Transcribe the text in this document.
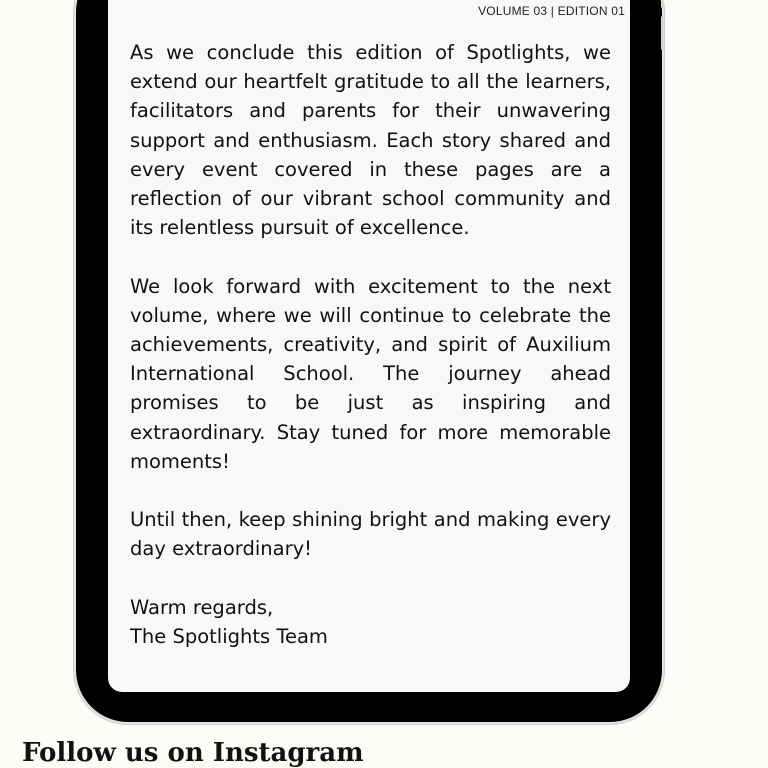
VOLUME 03 | EDITION 01

As we conclude this edition of Spotlights, we extend our heartfelt gratitude to all the learners, facilitators and parents for their unwavering support and enthusiasm. Each story shared and every event covered in these pages are a reflection of our vibrant school community and its relentless pursuit of excellence.

We look forward with excitement to the next volume, where we will continue to celebrate the achievements, creativity, and spirit of Auxilium International School. The journey ahead promises to be just as inspiring and extraordinary. Stay tuned for more memorable moments!

Until then, keep shining bright and making every day extraordinary!

Warm regards,
The Spotlights Team

Follow us on Instagram
